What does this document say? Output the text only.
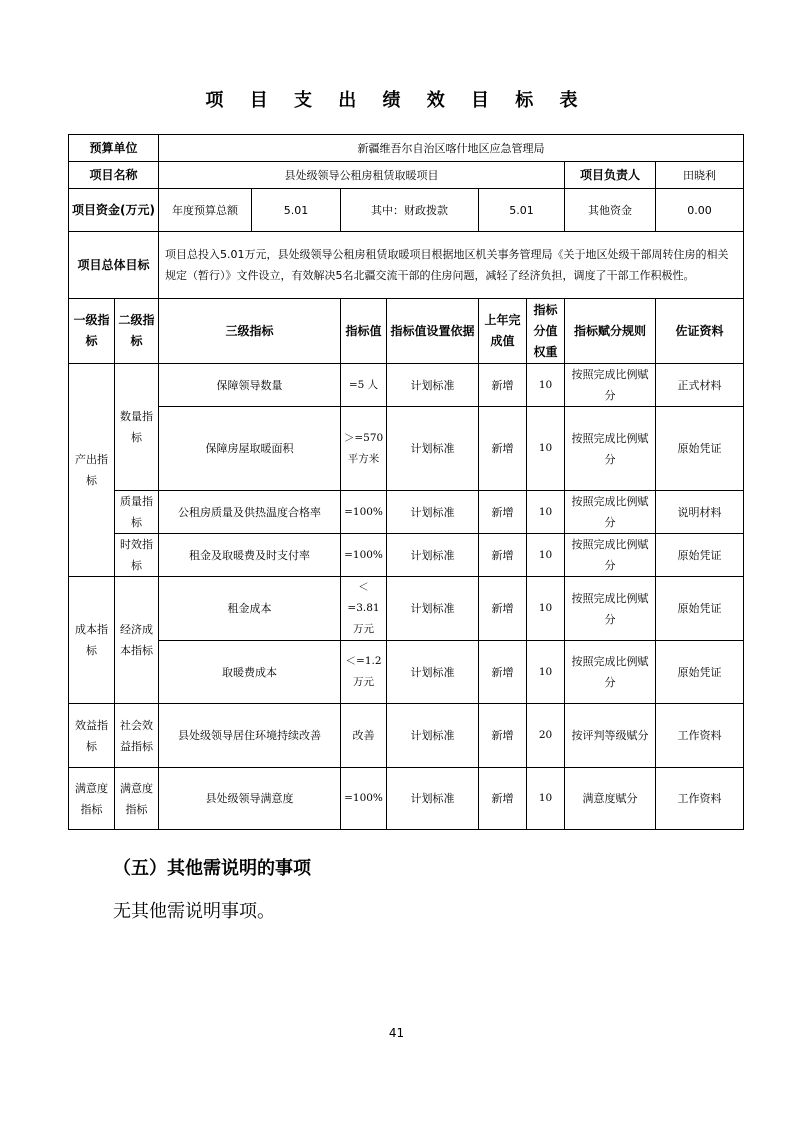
项 目 支 出 绩 效 目 标 表
预算单位		新疆维吾尔自治区喀什地区应急管理局							
项目名称		县处级领导公租房租赁取暖项目						项目负责人	田晓利
项目资金(万元)		年度预算总额	5.01	其中：财政拨款		5.01		其他资金	0.00
项目总体目标		项目总投入5.01万元，县处级领导公租房租赁取暖项目根据地区机关事务管理局《关于地区处级干部周转住房的相关规定（暂行）》文件设立，有效解决5名北疆交流干部的住房问题，减轻了经济负担，调度了干部工作积极性。							
一级指标	二级指标	三级指标		指标值	指标值设置依据	上年完成值	指标分值权重	指标赋分规则	佐证资料
产出指标	数量指标	保障领导数量		=5 人	计划标准	新增	10	按照完成比例赋分	正式材料
		保障房屋取暖面积		＞=570平方米	计划标准	新增	10	按照完成比例赋分	原始凭证
	质量指标	公租房质量及供热温度合格率		=100%	计划标准	新增	10	按照完成比例赋分	说明材料
	时效指标	租金及取暖费及时支付率		=100%	计划标准	新增	10	按照完成比例赋分	原始凭证
成本指标	经济成本指标	租金成本		＜=3.81万元	计划标准	新增	10	按照完成比例赋分	原始凭证
		取暖费成本		＜=1.2万元	计划标准	新增	10	按照完成比例赋分	原始凭证
效益指标	社会效益指标	县处级领导居住环境持续改善		改善	计划标准	新增	20	按评判等级赋分	工作资料
满意度指标	满意度指标	县处级领导满意度		=100%	计划标准	新增	10	满意度赋分	工作资料
（五）其他需说明的事项
无其他需说明事项。
41
